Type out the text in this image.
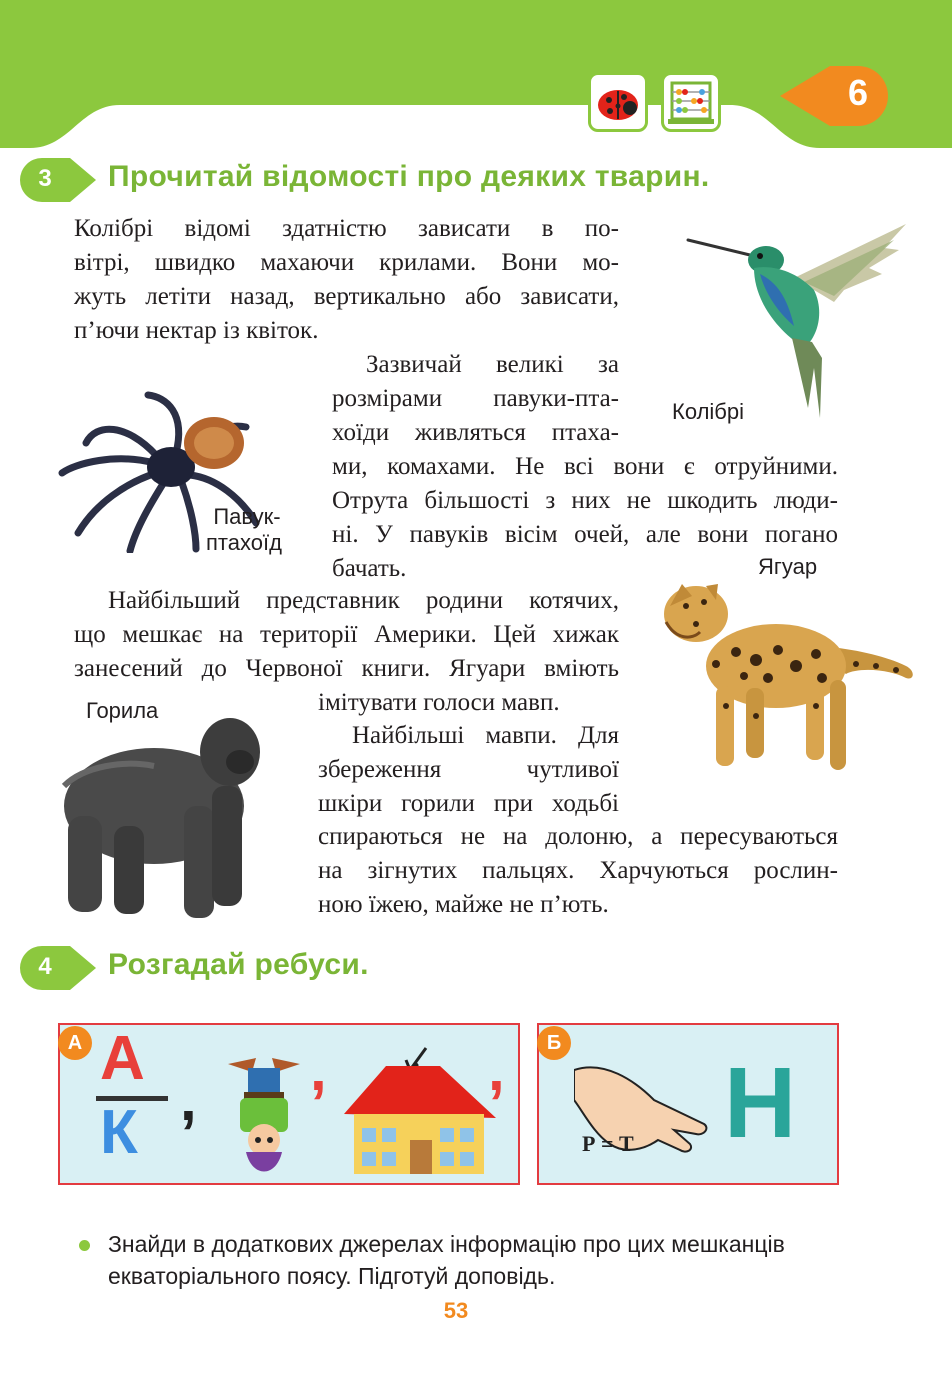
6
3 Прочитай відомості про деяких тварин.
Колібрі відомі здатністю зависати в по-
вітрі, швидко махаючи крилами. Вони мо-
жуть летіти назад, вертикально або зависати,
п’ючи нектар із квіток.
Зазвичай великі за
розмірами павуки-пта-
хоїди живляться птаха-
ми, комахами. Не всі вони є отруйними.
Отрута більшості з них не шкодить люди-
ні. У павуків вісім очей, але вони погано
бачать.
Найбільший представник родини котячих,
що мешкає на території Америки. Цей хижак
занесений до Червоної книги. Ягуари вміють
імітувати голоси мавп.
Найбільші мавпи. Для
збереження чутливої
шкіри горили при ходьбі
спираються не на долоню, а пересуваються
на зігнутих пальцях. Харчуються рослин-
ною їжею, майже не п’ють.
Колібрі
Павук-
птахоїд
Ягуар
Горила
4 Розгадай ребуси.
А А
К , ,	,	Б
Р = Т Н
Знайди в додаткових джерелах інформацію про цих мешканців
екваторіального поясу. Підготуй доповідь.
53
